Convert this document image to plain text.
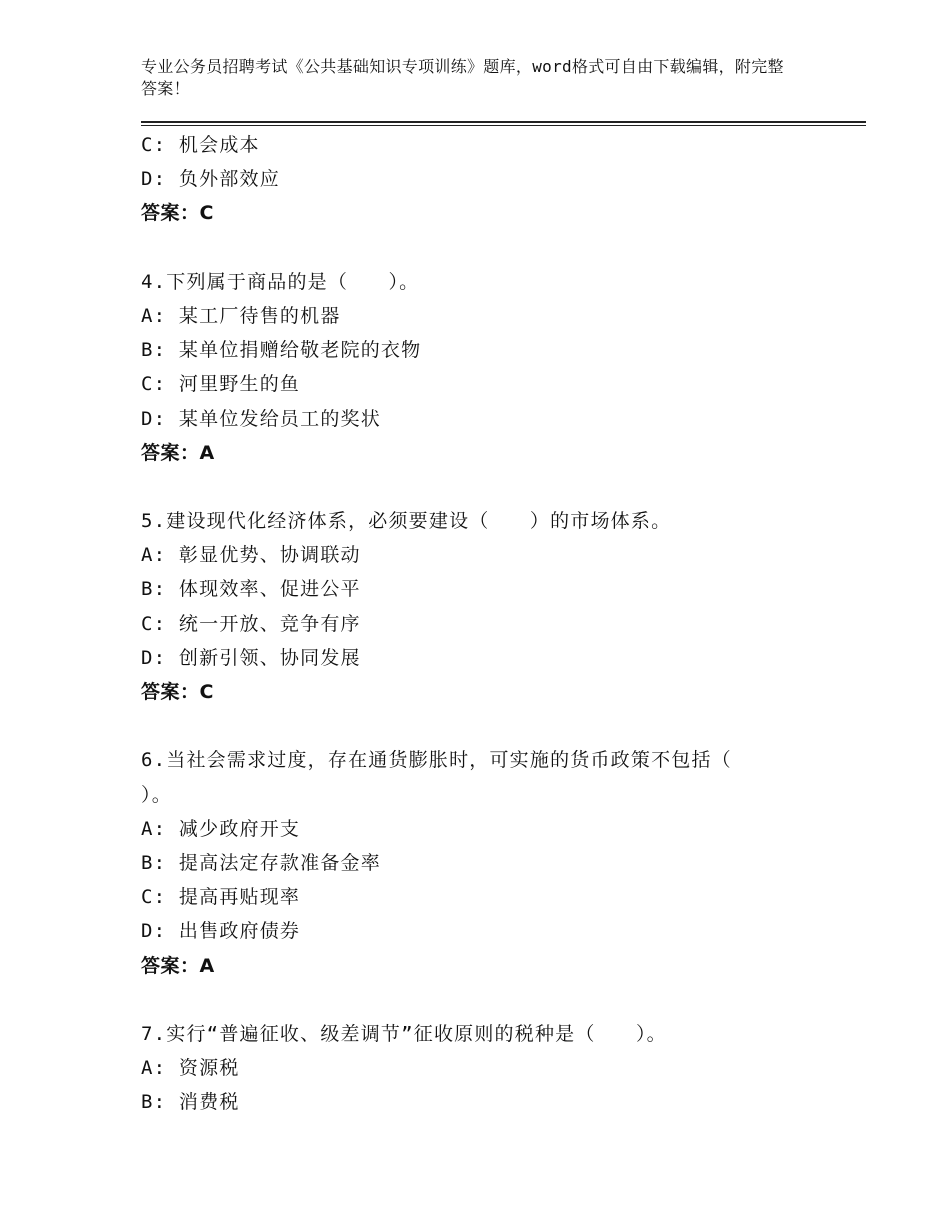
专业公务员招聘考试《公共基础知识专项训练》题库，word格式可自由下载编辑，附完整答案！
C: 机会成本
D: 负外部效应
答案：C
4.下列属于商品的是（　　）。
A: 某工厂待售的机器
B: 某单位捐赠给敬老院的衣物
C: 河里野生的鱼
D: 某单位发给员工的奖状
答案：A
5.建设现代化经济体系，必须要建设（　　）的市场体系。
A: 彰显优势、协调联动
B: 体现效率、促进公平
C: 统一开放、竞争有序
D: 创新引领、协同发展
答案：C
6.当社会需求过度，存在通货膨胀时，可实施的货币政策不包括（
）。
A: 减少政府开支
B: 提高法定存款准备金率
C: 提高再贴现率
D: 出售政府债券
答案：A
7.实行“普遍征收、级差调节”征收原则的税种是（　　）。
A: 资源税
B: 消费税
